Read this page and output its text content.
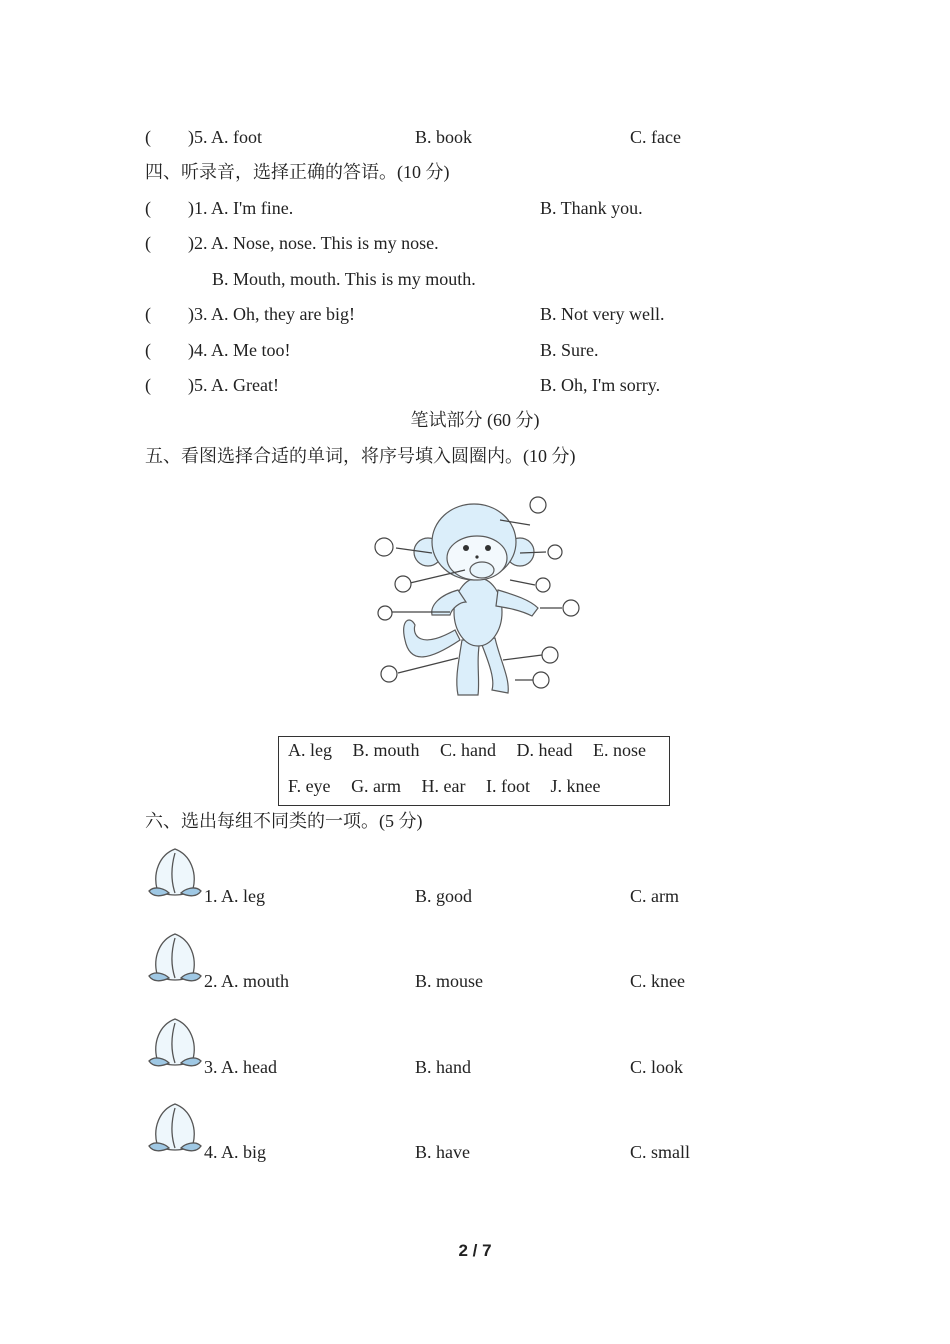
( )5. A. foot	B. book	C. face
四、听录音，选择正确的答语。(10 分)
( )1. A. I'm fine.	B. Thank you.
( )2. A. Nose, nose. This is my nose.
B. Mouth, mouth. This is my mouth.
( )3. A. Oh, they are big!	B. Not very well.
( )4. A. Me too!	B. Sure.
( )5. A. Great!	B. Oh, I'm sorry.
笔试部分 (60 分)
五、看图选择合适的单词，将序号填入圆圈内。(10 分)
A. leg B. mouth C. hand D. head E. nose
F. eye G. arm H. ear I. foot J. knee
六、选出每组不同类的一项。(5 分)
1. A. leg	B. good	C. arm
2. A. mouth	B. mouse	C. knee
3. A. head	B. hand	C. look
4. A. big	B. have	C. small
2 / 7
